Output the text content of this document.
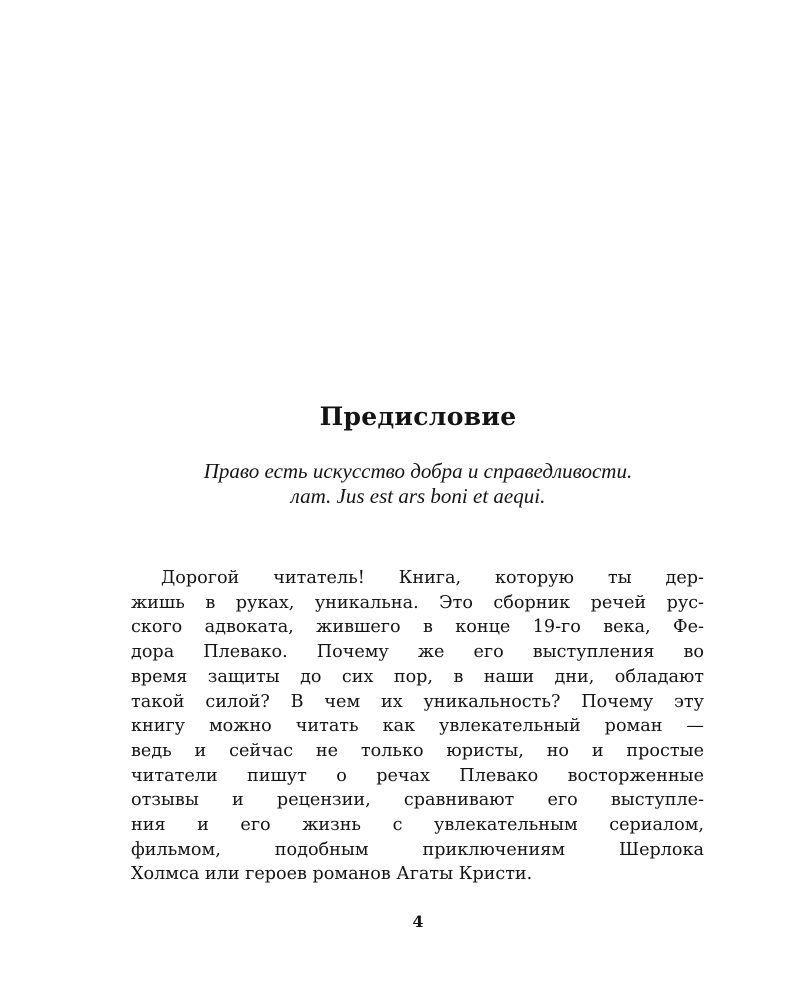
Предисловие
Право есть искусство добра и справедливости.
лат. Jus est ars boni et aequi.
Дорогой читатель! Книга, которую ты дер-
жишь в руках, уникальна. Это сборник речей рус-
ского адвоката, жившего в конце 19-го века, Фе-
дора Плевако. Почему же его выступления во
время защиты до сих пор, в наши дни, обладают
такой силой? В чем их уникальность? Почему эту
книгу можно читать как увлекательный роман —
ведь и сейчас не только юристы, но и простые
читатели пишут о речах Плевако восторженные
отзывы и рецензии, сравнивают его выступле-
ния и его жизнь с увлекательным сериалом,
фильмом, подобным приключениям Шерлока
Холмса или героев романов Агаты Кристи.
4
